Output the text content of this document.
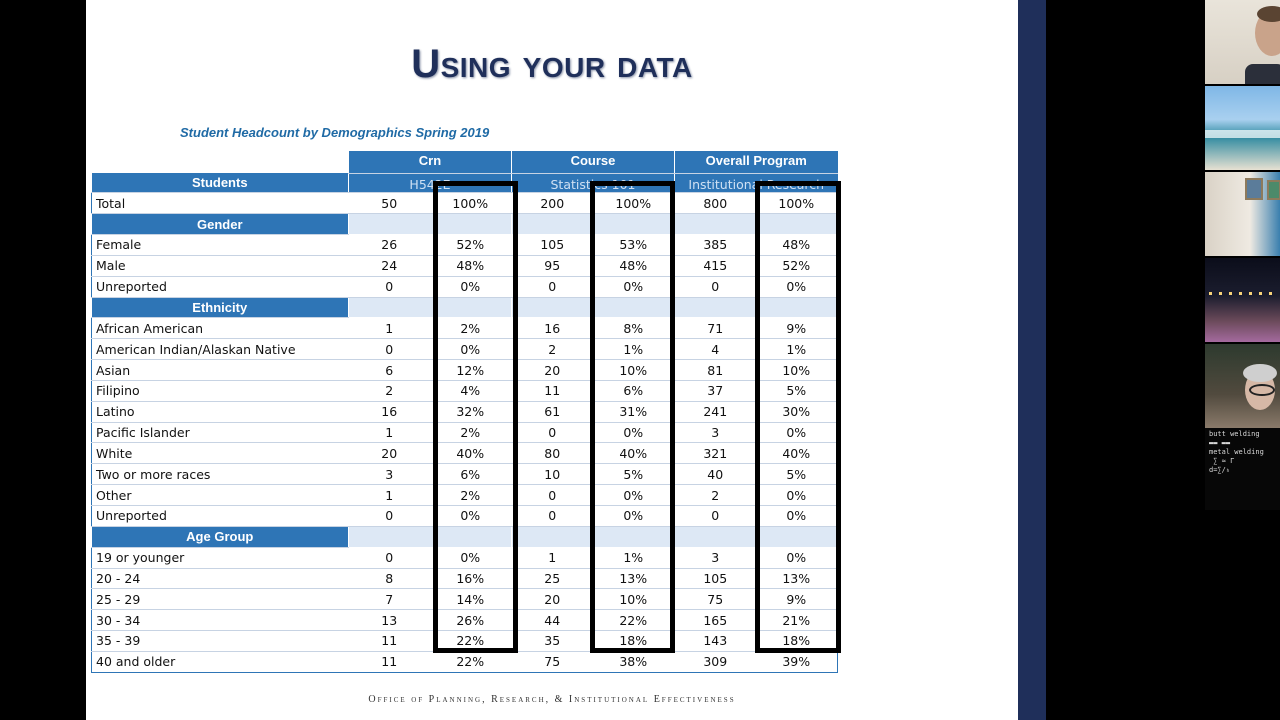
Using your data
Student Headcount by Demographics Spring 2019
Office of Planning, Research, & Institutional Effectiveness
	Crn		Course		Overall Program	
Students	H542E		Statistics 101		Institutional Research	
Total	50	100%	200	100%	800	100%
Gender						
Female	26	52%	105	53%	385	48%
Male	24	48%	95	48%	415	52%
Unreported	0	0%	0	0%	0	0%
Ethnicity						
African American	1	2%	16	8%	71	9%
American Indian/Alaskan Native	0	0%	2	1%	4	1%
Asian	6	12%	20	10%	81	10%
Filipino	2	4%	11	6%	37	5%
Latino	16	32%	61	31%	241	30%
Pacific Islander	1	2%	0	0%	3	0%
White	20	40%	80	40%	321	40%
Two or more races	3	6%	10	5%	40	5%
Other	1	2%	0	0%	2	0%
Unreported	0	0%	0	0%	0	0%
Age Group						
19 or younger	0	0%	1	1%	3	0%
20 - 24	8	16%	25	13%	105	13%
25 - 29	7	14%	20	10%	75	9%
30 - 34	13	26%	44	22%	165	21%
35 - 39	11	22%	35	18%	143	18%
40 and older	11	22%	75	38%	309	39%
butt welding
▬▬ ▬▬
metal welding
∑ ≈ Γ
d=∑/ₕ
